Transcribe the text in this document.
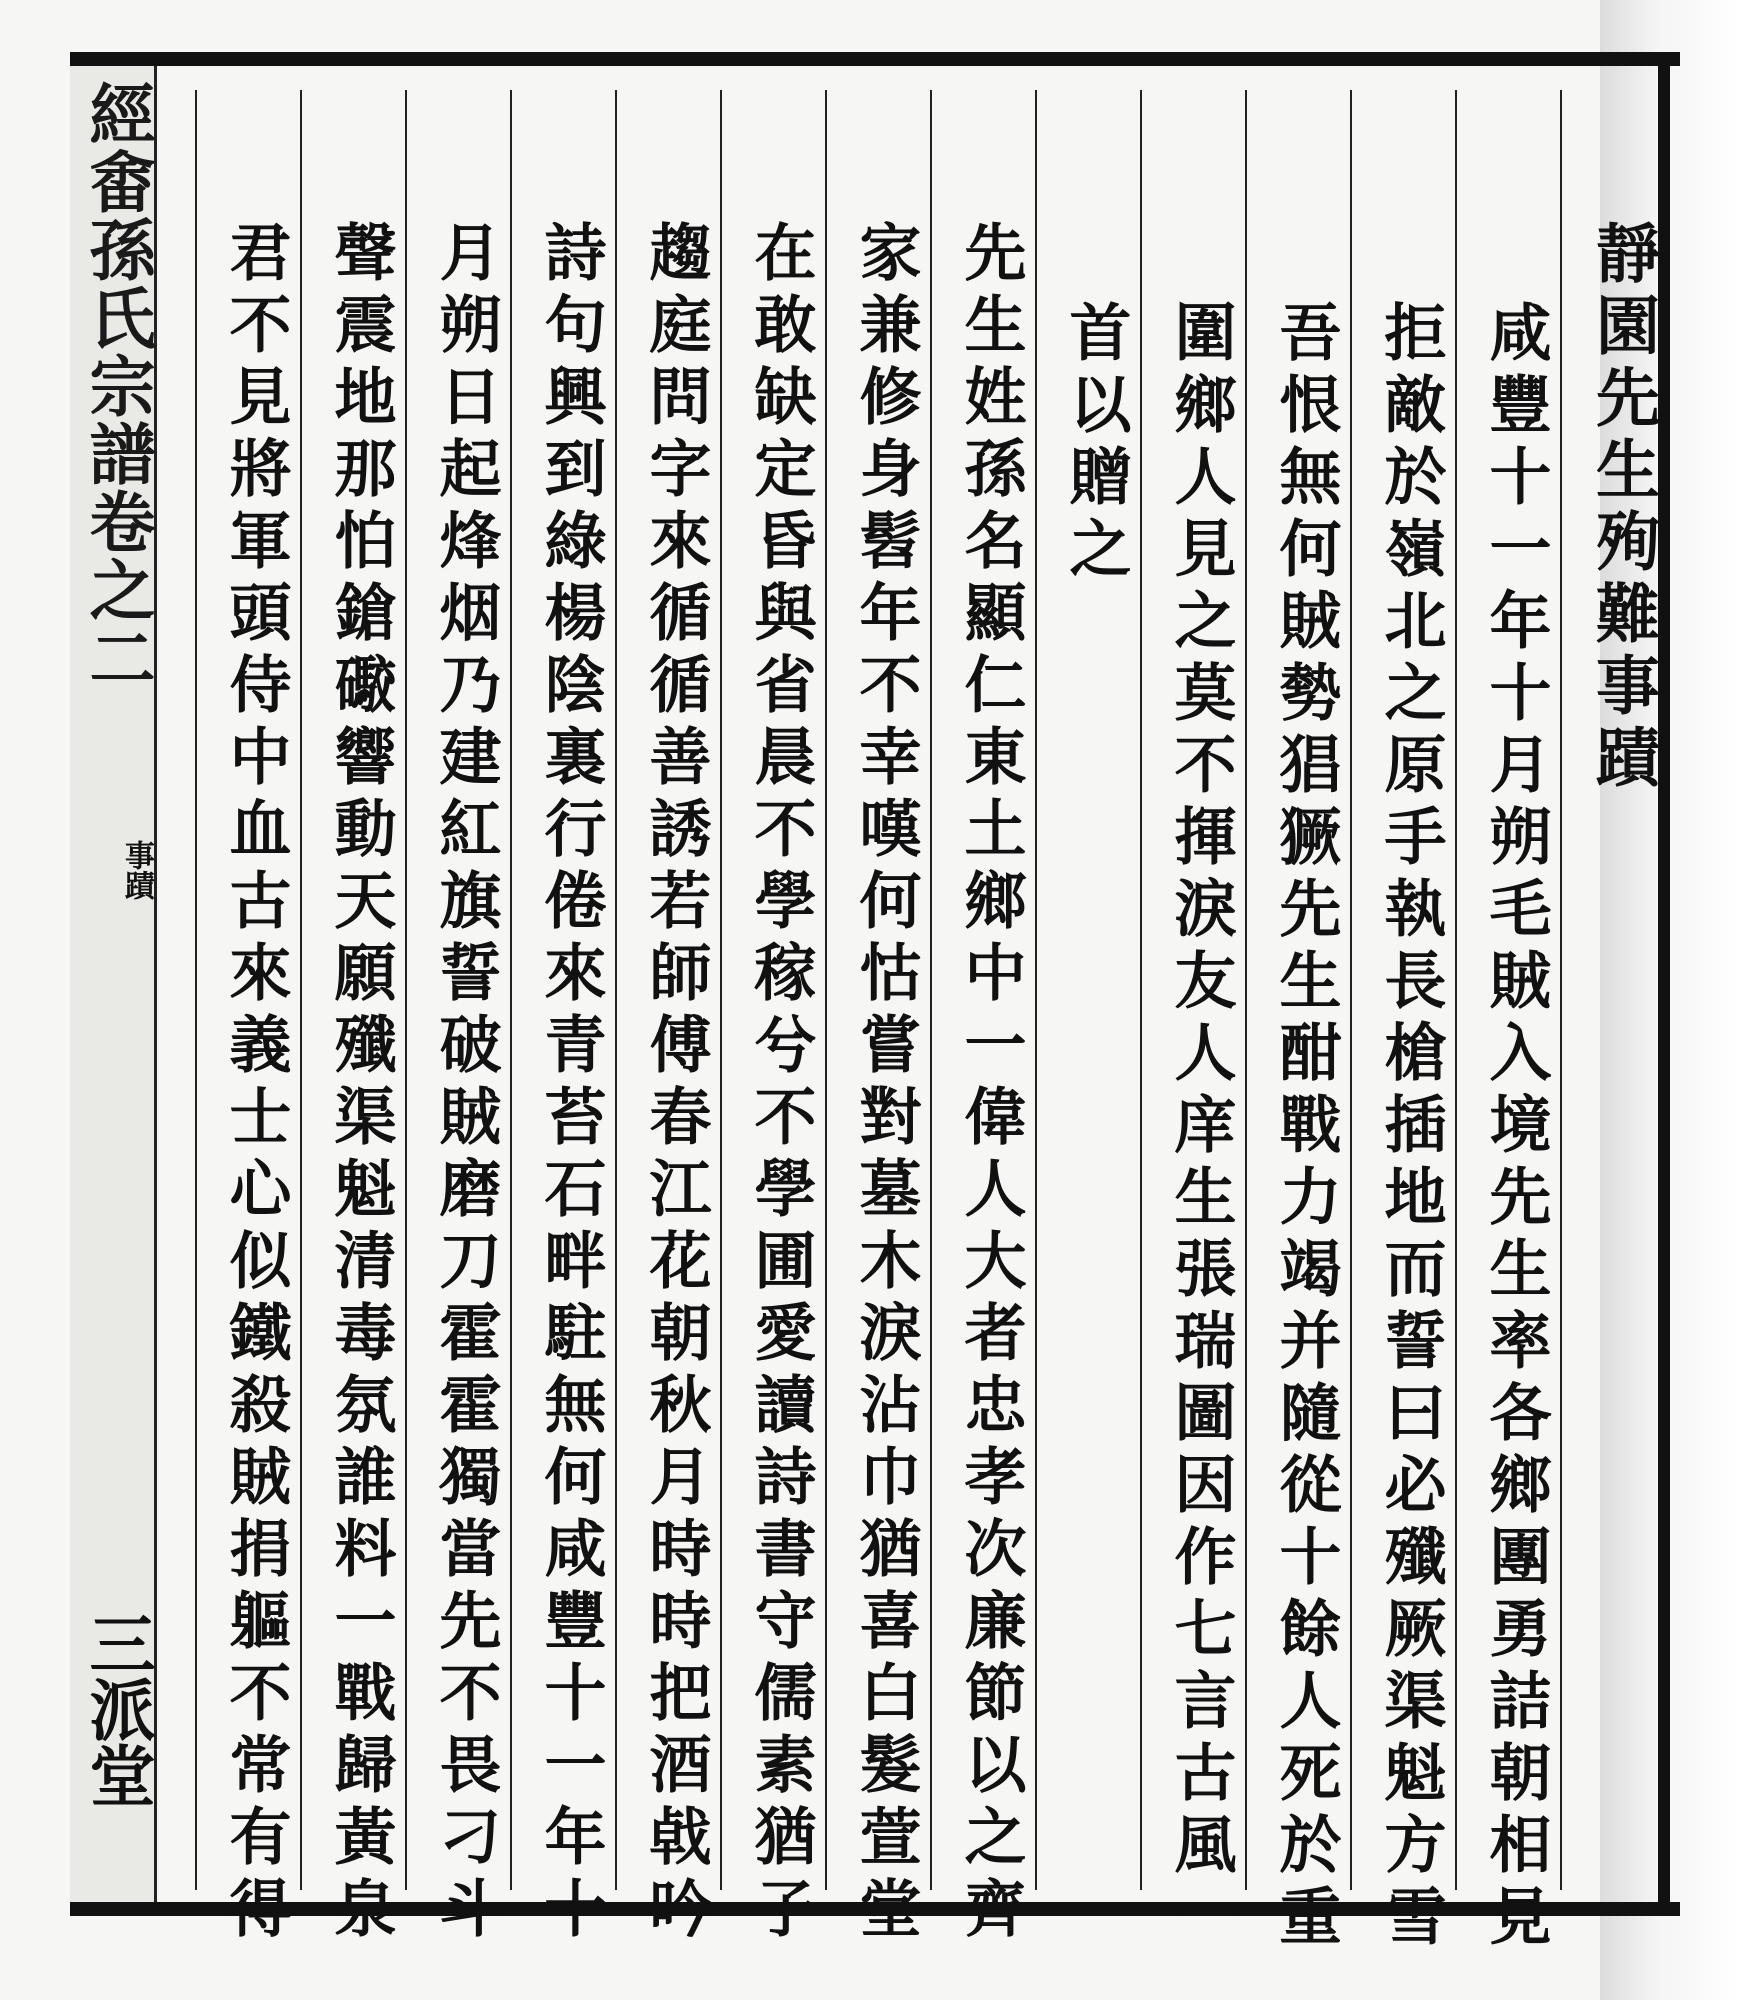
經畬孫氏宗譜卷之二
事蹟
三派堂
靜園先生殉難事蹟
咸豐十一年十月朔毛賊入境先生率各鄉團勇詰朝相見
拒敵於嶺北之原手執長槍插地而誓曰必殲厥渠魁方雪
吾恨無何賊勢猖獗先生酣戰力竭并隨從十餘人死於重
圍鄉人見之莫不揮淚友人庠生張瑞圖因作七言古風一
首以贈之
先生姓孫名顯仁東土鄉中一偉人大者忠孝次廉節以之齊
家兼修身髫年不幸嘆何怙嘗對墓木淚沾巾猶喜白髮萱堂
在敢缺定昏與省晨不學稼兮不學圃愛讀詩書守儒素猶子
趨庭問字來循循善誘若師傅春江花朝秋月時時把酒㦸吟
詩句興到綠楊陰裏行倦來青苔石畔駐無何咸豐十一年十
月朔日起烽烟乃建紅旗誓破賊磨刀霍霍獨當先不畏刁斗
聲震地那怕鎗礮響動天願殲渠魁清毒氛誰料一戰歸黃泉
君不見將軍頭侍中血古來義士心似鐵殺賊捐軀不常有得
